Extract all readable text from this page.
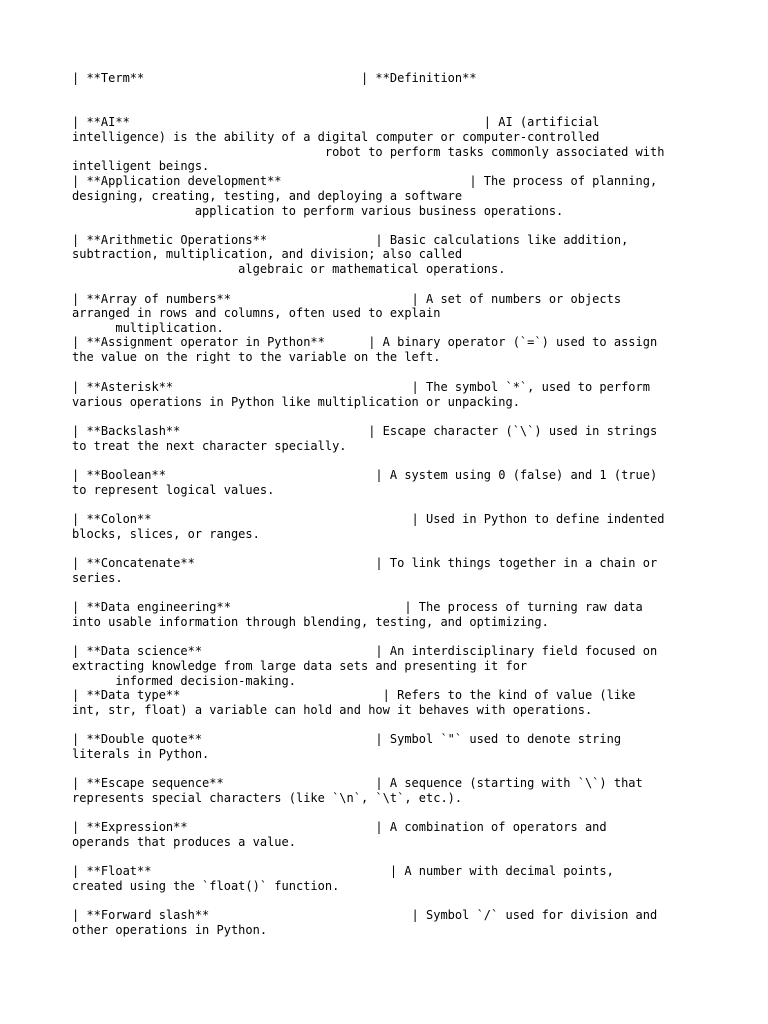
| **Term**                              | **Definition**
| **AI**                                                 | AI (artificial
intelligence) is the ability of a digital computer or computer-controlled
robot to perform tasks commonly associated with
intelligent beings.
| **Application development**                          | The process of planning,
designing, creating, testing, and deploying a software
application to perform various business operations.
| **Arithmetic Operations**               | Basic calculations like addition,
subtraction, multiplication, and division; also called
algebraic or mathematical operations.
| **Array of numbers**                         | A set of numbers or objects
arranged in rows and columns, often used to explain
multiplication.
| **Assignment operator in Python**      | A binary operator (`=`) used to assign
the value on the right to the variable on the left.
| **Asterisk**                                 | The symbol `*`, used to perform
various operations in Python like multiplication or unpacking.
| **Backslash**                          | Escape character (`\`) used in strings
to treat the next character specially.
| **Boolean**                             | A system using 0 (false) and 1 (true)
to represent logical values.
| **Colon**                                    | Used in Python to define indented
blocks, slices, or ranges.
| **Concatenate**                         | To link things together in a chain or
series.
| **Data engineering**                        | The process of turning raw data
into usable information through blending, testing, and optimizing.
| **Data science**                        | An interdisciplinary field focused on
extracting knowledge from large data sets and presenting it for
informed decision-making.
| **Data type**                            | Refers to the kind of value (like
int, str, float) a variable can hold and how it behaves with operations.
| **Double quote**                        | Symbol `"` used to denote string
literals in Python.
| **Escape sequence**                     | A sequence (starting with `\`) that
represents special characters (like `\n`, `\t`, etc.).
| **Expression**                          | A combination of operators and
operands that produces a value.
| **Float**                                 | A number with decimal points,
created using the `float()` function.
| **Forward slash**                            | Symbol `/` used for division and
other operations in Python.
